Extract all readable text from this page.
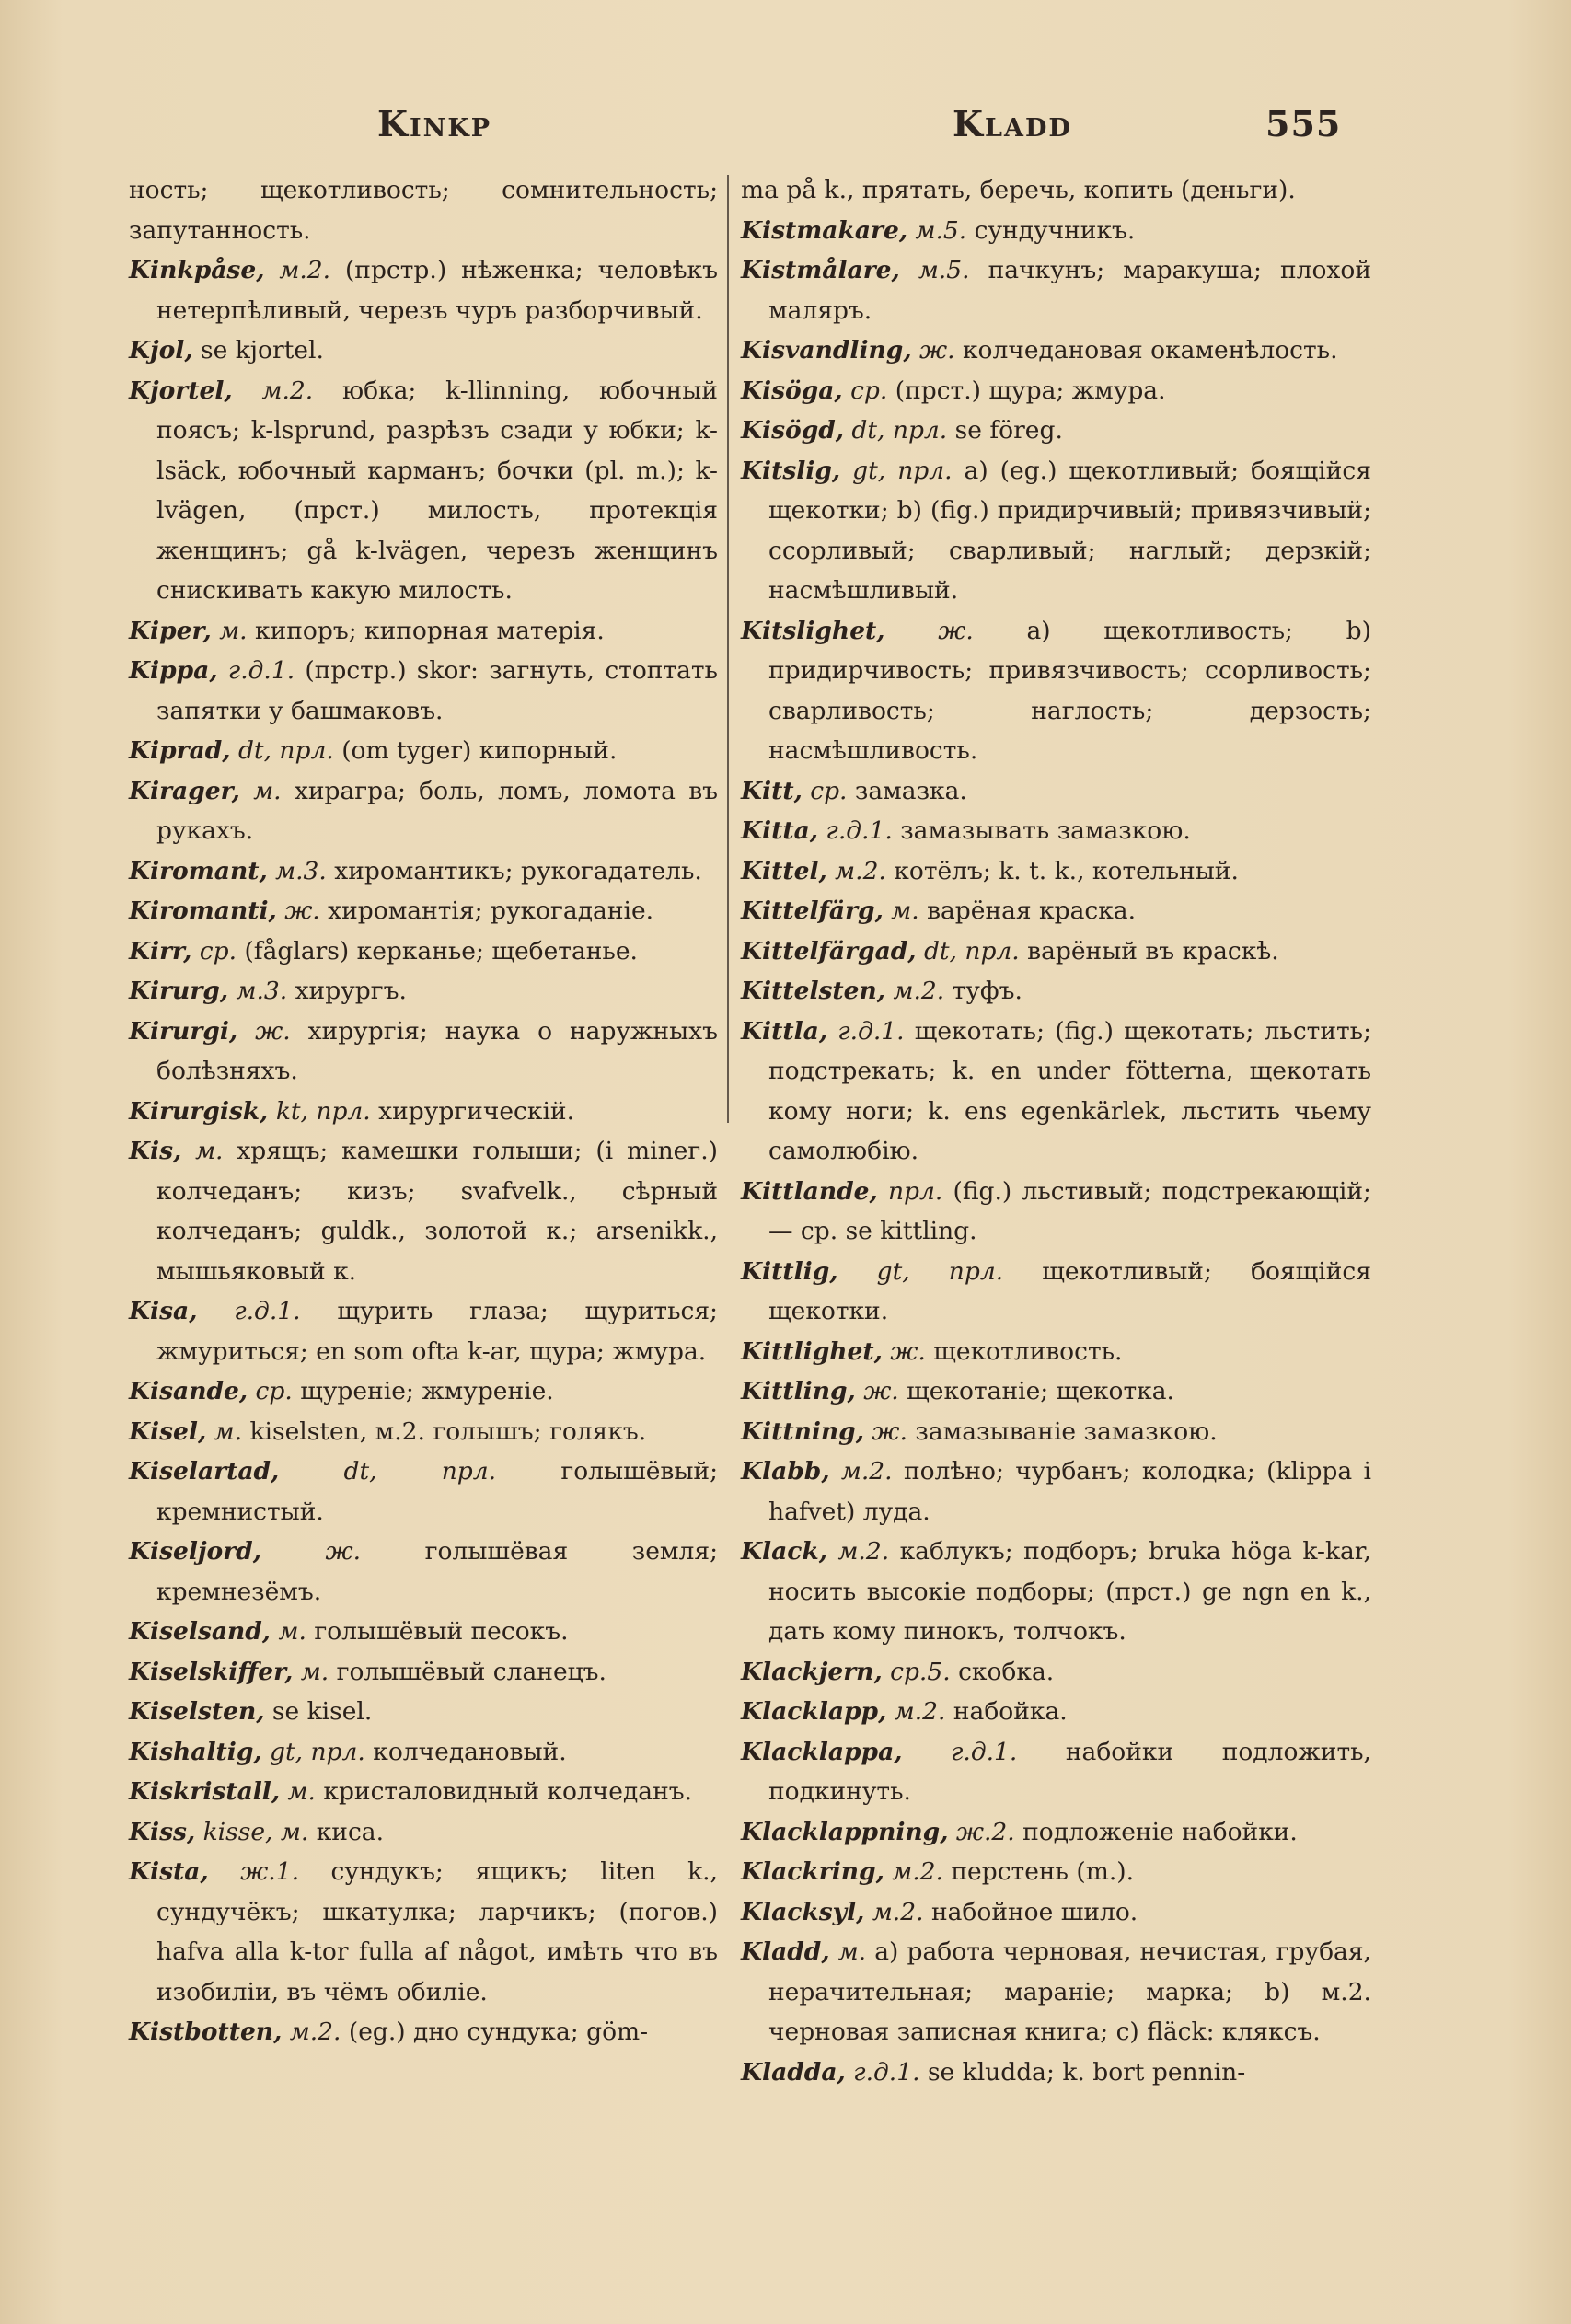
Kinkp	Kladd	555

ность; щекотливость; сомнительность; запутанность.

Kinkpåse, м.2. (прстр.) нѣженка; человѣкъ нетерпѣливый, черезъ чуръ разборчивый.

Kjol, se kjortel.

Kjortel, м.2. юбка; k-llinning, юбочный поясъ; k-lsprund, разрѣзъ сзади у юбки; k-lsäck, юбочный карманъ; бочки (pl. m.); k-lvägen, (прст.) милость, протекція женщинъ; gå k-lvägen, черезъ женщинъ снискивать какую милость.

Kiper, м. кипоръ; кипорная матерія.

Kippa, г.д.1. (прстр.) skor: загнуть, стоптать запятки у башмаковъ.

Kiprad, dt, прл. (om tyger) кипорный.

Kirager, м. хирагра; боль, ломъ, ломота въ рукахъ.

Kiromant, м.3. хиромантикъ; рукогадатель.

Kiromanti, ж. хиромантія; рукогаданіе.

Kirr, ср. (fåglars) керканье; щебетанье.

Kirurg, м.3. хирургъ.

Kirurgi, ж. хирургія; наука о наружныхъ болѣзняхъ.

Kirurgisk, kt, прл. хирургическій.

Kis, м. хрящъ; камешки голыши; (i mineг.) колчеданъ; кизъ; svafvelk., сѣрный колчеданъ; guldk., золотой к.; arsenikk., мышьяковый к.

Kisa, г.д.1. щурить глаза; щуриться; жмуриться; en som ofta k-ar, щура; жмура.

Kisande, ср. щуреніе; жмуреніе.

Kisel, м. kiselsten, м.2. голышъ; голякъ.

Kiselartad,	dt, прл.	голышёвый; кремнистый.

Kiseljord,	ж.	голышёвая земля; кремнезёмъ.

Kiselsand, м. голышёвый песокъ.

Kiselskiffer, м. голышёвый сланецъ.

Kiselsten, se kisel.

Kishaltig, gt, прл. колчедановый.

Kiskristall, м. кристаловидный колчеданъ.

Kiss, kisse, м. киса.

Kista, ж.1. сундукъ; ящикъ; liten k., сундучёкъ; шкатулка; ларчикъ; (погов.) hafva alla k-tor fulla af något, имѣть что въ изобиліи, въ чёмъ обиліе.

Kistbotten, м.2. (eg.) дно сундука; göm-

ma på k., прятать, беречь, копить (деньги).

Kistmakare, м.5. сундучникъ.

Kistmålare, м.5. пачкунъ; маракуша; плохой маляръ.

Kisvandling, ж. колчедановая окаменѣлость.

Kisöga, ср. (прст.) щура; жмура.

Kisögd, dt, прл. se föreg.

Kitslig, gt, прл. a) (eg.) щекотливый; боящійся щекотки; b) (fig.) придирчивый; привязчивый; ссорливый; сварливый; наглый; дерзкій; насмѣшливый.

Kitslighet, ж. a) щекотливость; b) придирчивость; привязчивость; ссорливость; сварливость; наглость; дерзость; насмѣшливость.

Kitt, ср. замазка.

Kitta, г.д.1. замазывать замазкою.

Kittel, м.2. котёлъ; k. t. k., котельный.

Kittelfärg, м. варёная краска.

Kittelfärgad, dt, прл. варёный въ краскѣ.

Kittelsten, м.2. туфъ.

Kittla, г.д.1. щекотать; (fig.) щекотать; льстить; подстрекать; k. en under fötterna, щекотать кому ноги; k. ens egenkärlek, льстить чьему самолюбію.

Kittlande, прл. (fig.) льстивый; подстрекающій; — ср. se kittling.

Kittlig, gt, прл. щекотливый; боящійся щекотки.

Kittlighet, ж. щекотливость.

Kittling, ж. щекотаніе; щекотка.

Kittning, ж. замазываніе замазкою.

Klabb, м.2. полѣно; чурбанъ; колодка; (klippa i hafvet) луда.

Klack, м.2. каблукъ; подборъ; bruka höga k-kar, носить высокіе подборы; (прст.) ge ngn en k., дать кому пинокъ, толчокъ.

Klackjern, ср.5. скобка.

Klacklapp, м.2. набойка.

Klacklappa, г.д.1. набойки подложить, подкинуть.

Klacklappning, ж.2. подложеніе набойки.

Klackring, м.2. перстень (m.).

Klacksyl, м.2. набойное шило.

Kladd, м. a) работа черновая, нечистая, грубая, нерачительная; мараніе; марка; b) м.2. черновая записная книга; c) fläck: кляксъ.

Kladda, г.д.1. se kludda; k. bort pennin-
